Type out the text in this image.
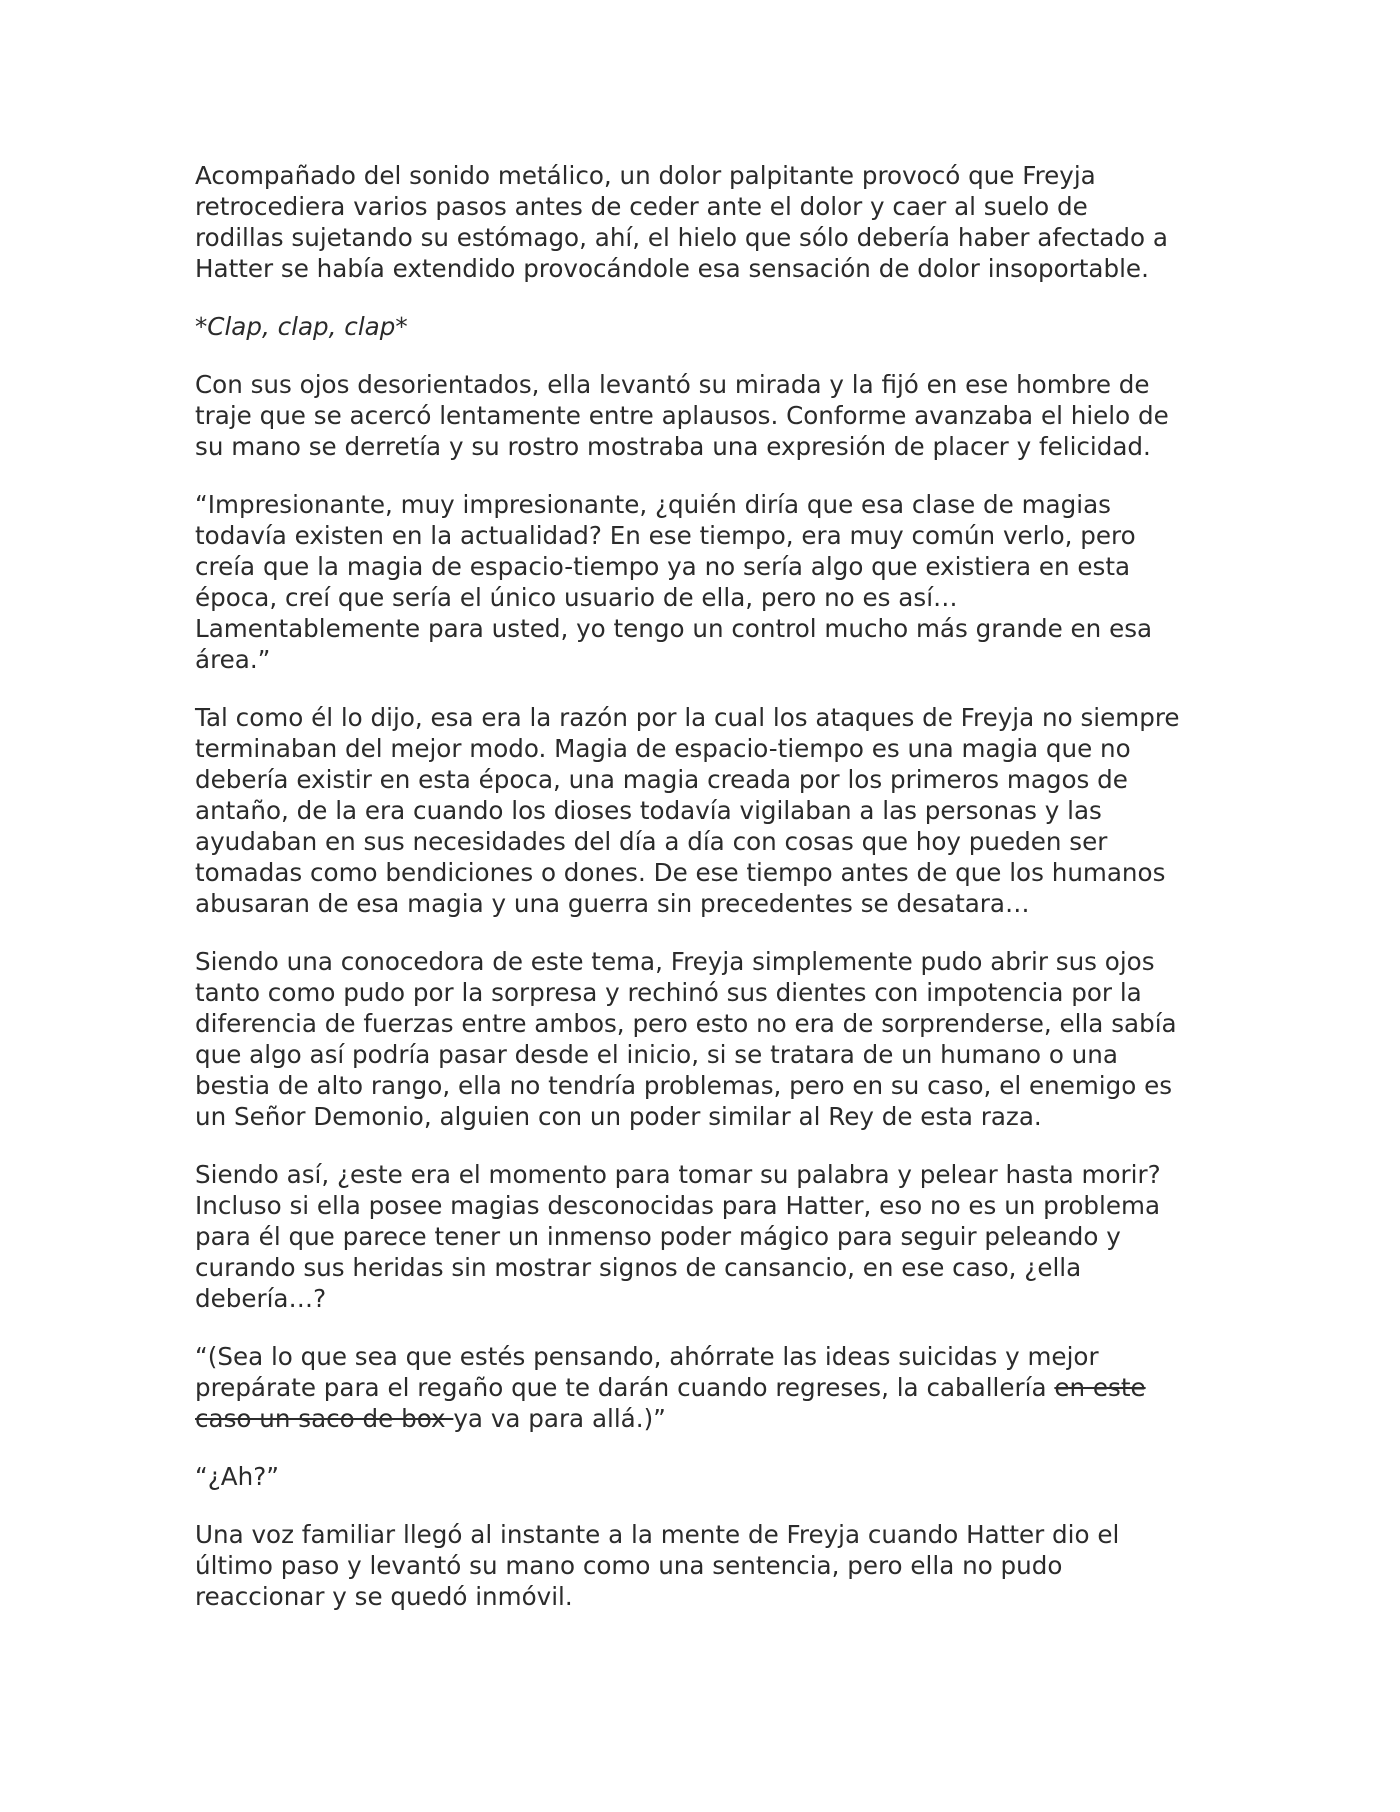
Acompañado del sonido metálico, un dolor palpitante provocó que Freyja
retrocediera varios pasos antes de ceder ante el dolor y caer al suelo de
rodillas sujetando su estómago, ahí, el hielo que sólo debería haber afectado a
Hatter se había extendido provocándole esa sensación de dolor insoportable.

*Clap, clap, clap*

Con sus ojos desorientados, ella levantó su mirada y la fijó en ese hombre de
traje que se acercó lentamente entre aplausos. Conforme avanzaba el hielo de
su mano se derretía y su rostro mostraba una expresión de placer y felicidad.

“Impresionante, muy impresionante, ¿quién diría que esa clase de magias
todavía existen en la actualidad? En ese tiempo, era muy común verlo, pero
creía que la magia de espacio-tiempo ya no sería algo que existiera en esta
época, creí que sería el único usuario de ella, pero no es así…
Lamentablemente para usted, yo tengo un control mucho más grande en esa
área.”

Tal como él lo dijo, esa era la razón por la cual los ataques de Freyja no siempre
terminaban del mejor modo. Magia de espacio-tiempo es una magia que no
debería existir en esta época, una magia creada por los primeros magos de
antaño, de la era cuando los dioses todavía vigilaban a las personas y las
ayudaban en sus necesidades del día a día con cosas que hoy pueden ser
tomadas como bendiciones o dones. De ese tiempo antes de que los humanos
abusaran de esa magia y una guerra sin precedentes se desatara…

Siendo una conocedora de este tema, Freyja simplemente pudo abrir sus ojos
tanto como pudo por la sorpresa y rechinó sus dientes con impotencia por la
diferencia de fuerzas entre ambos, pero esto no era de sorprenderse, ella sabía
que algo así podría pasar desde el inicio, si se tratara de un humano o una
bestia de alto rango, ella no tendría problemas, pero en su caso, el enemigo es
un Señor Demonio, alguien con un poder similar al Rey de esta raza.

Siendo así, ¿este era el momento para tomar su palabra y pelear hasta morir?
Incluso si ella posee magias desconocidas para Hatter, eso no es un problema
para él que parece tener un inmenso poder mágico para seguir peleando y
curando sus heridas sin mostrar signos de cansancio, en ese caso, ¿ella
debería…?

“(Sea lo que sea que estés pensando, ahórrate las ideas suicidas y mejor
prepárate para el regaño que te darán cuando regreses, la caballería en este
caso un saco de box ya va para allá.)”

“¿Ah?”

Una voz familiar llegó al instante a la mente de Freyja cuando Hatter dio el
último paso y levantó su mano como una sentencia, pero ella no pudo
reaccionar y se quedó inmóvil.
